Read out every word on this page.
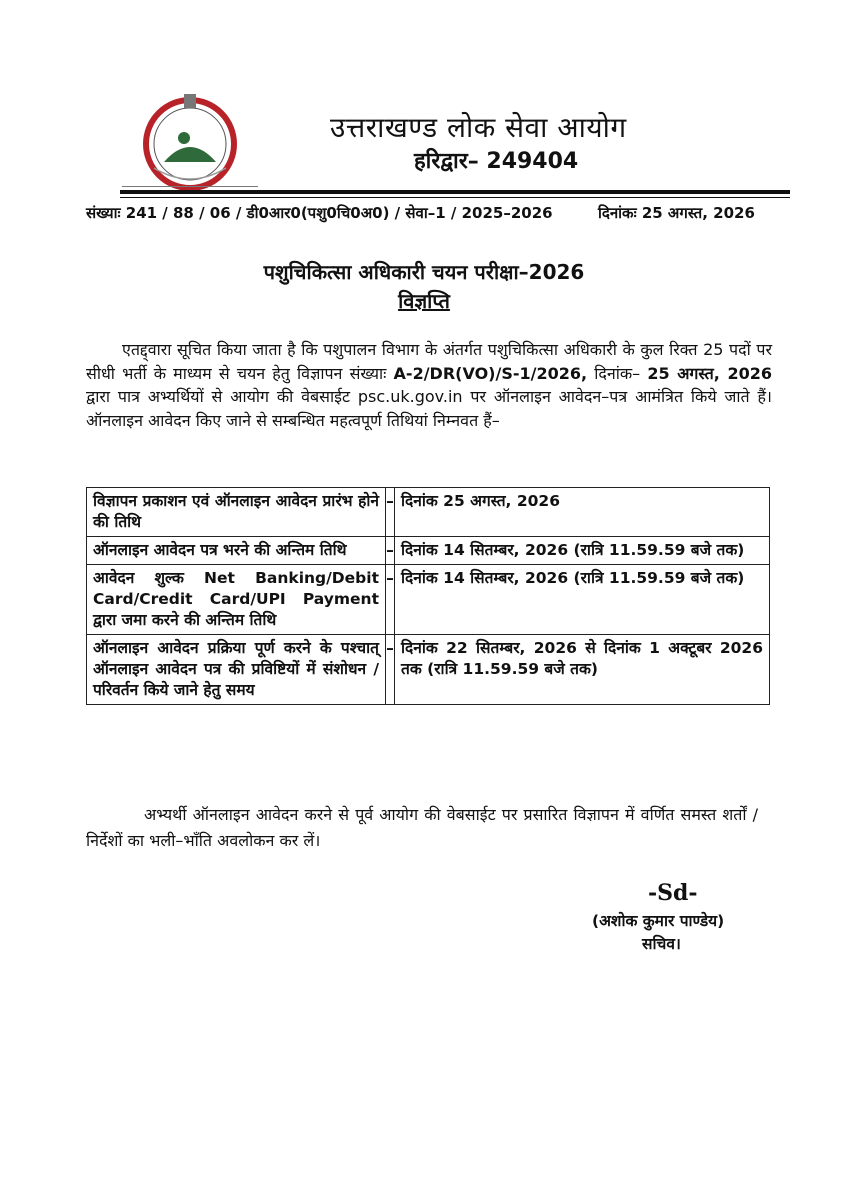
उत्तराखण्ड लोक सेवा आयोग
हरिद्वार– 249404
संख्याः 241 / 88 / 06 / डी0आर0(पशु0चि0अ0) / सेवा–1 / 2025–2026	दिनांकः 25 अगस्त, 2026
पशुचिकित्सा अधिकारी चयन परीक्षा–2026
विज्ञप्ति

एतद्द्वारा सूचित किया जाता है कि पशुपालन विभाग के अंतर्गत पशुचिकित्सा अधिकारी के कुल रिक्त 25 पदों पर सीधी भर्ती के माध्यम से चयन हेतु विज्ञापन संख्याः A-2/DR(VO)/S-1/2026, दिनांक– 25 अगस्त, 2026 द्वारा पात्र अभ्यर्थियों से आयोग की वेबसाईट psc.uk.gov.in पर ऑनलाइन आवेदन–पत्र आमंत्रित किये जाते हैं। ऑनलाइन आवेदन किए जाने से सम्बन्धित महत्वपूर्ण तिथियां निम्नवत हैं–

विज्ञापन प्रकाशन एवं ऑनलाइन आवेदन प्रारंभ होने की तिथि	–	दिनांक 25 अगस्त, 2026
ऑनलाइन आवेदन पत्र भरने की अन्तिम तिथि	–	दिनांक 14 सितम्बर, 2026 (रात्रि 11.59.59 बजे तक)
आवेदन शुल्क Net Banking/Debit Card/Credit Card/UPI Payment द्वारा जमा करने की अन्तिम तिथि	–	दिनांक 14 सितम्बर, 2026 (रात्रि 11.59.59 बजे तक)
ऑनलाइन आवेदन प्रक्रिया पूर्ण करने के पश्चात् ऑनलाइन आवेदन पत्र की प्रविष्टियों में संशोधन / परिवर्तन किये जाने हेतु समय	–	दिनांक 22 सितम्बर, 2026 से दिनांक 1 अक्टूबर 2026 तक (रात्रि 11.59.59 बजे तक)

अभ्यर्थी ऑनलाइन आवेदन करने से पूर्व आयोग की वेबसाईट पर प्रसारित विज्ञापन में वर्णित समस्त शर्तों / निर्देशों का भली–भाँति अवलोकन कर लें।

-Sd-
(अशोक कुमार पाण्डेय)
सचिव।
